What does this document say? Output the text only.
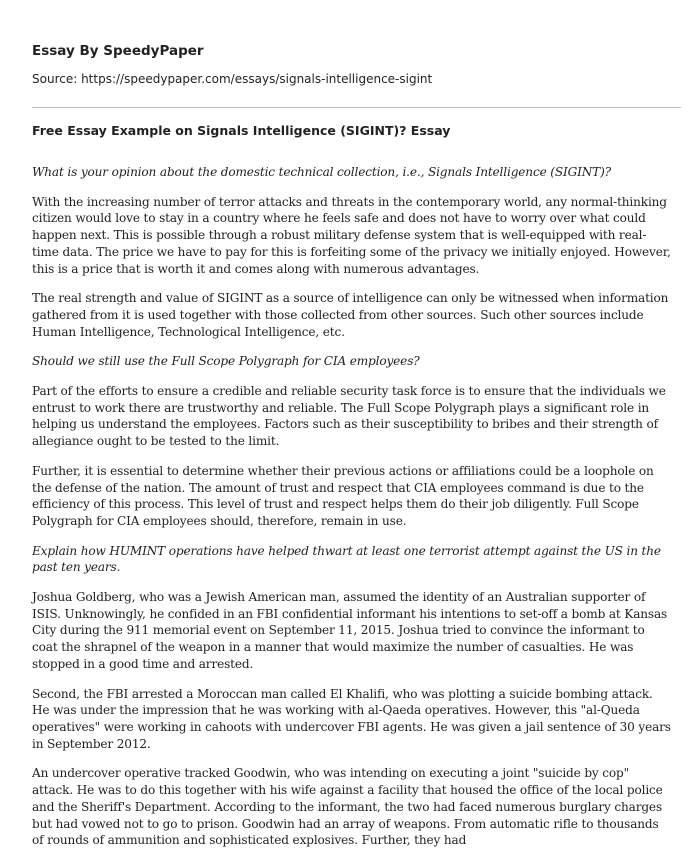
Essay By SpeedyPaper

Source: https://speedypaper.com/essays/signals-intelligence-sigint

Free Essay Example on Signals Intelligence (SIGINT)? Essay

What is your opinion about the domestic technical collection, i.e., Signals Intelligence (SIGINT)?

With the increasing number of terror attacks and threats in the contemporary world, any normal-thinking citizen would love to stay in a country where he feels safe and does not have to worry over what could happen next. This is possible through a robust military defense system that is well-equipped with real-time data. The price we have to pay for this is forfeiting some of the privacy we initially enjoyed. However, this is a price that is worth it and comes along with numerous advantages.

The real strength and value of SIGINT as a source of intelligence can only be witnessed when information gathered from it is used together with those collected from other sources. Such other sources include Human Intelligence, Technological Intelligence, etc.

Should we still use the Full Scope Polygraph for CIA employees?

Part of the efforts to ensure a credible and reliable security task force is to ensure that the individuals we entrust to work there are trustworthy and reliable. The Full Scope Polygraph plays a significant role in helping us understand the employees. Factors such as their susceptibility to bribes and their strength of allegiance ought to be tested to the limit.

Further, it is essential to determine whether their previous actions or affiliations could be a loophole on the defense of the nation. The amount of trust and respect that CIA employees command is due to the efficiency of this process. This level of trust and respect helps them do their job diligently. Full Scope Polygraph for CIA employees should, therefore, remain in use.

Explain how HUMINT operations have helped thwart at least one terrorist attempt against the US in the past ten years.

Joshua Goldberg, who was a Jewish American man, assumed the identity of an Australian supporter of ISIS. Unknowingly, he confided in an FBI confidential informant his intentions to set-off a bomb at Kansas City during the 911 memorial event on September 11, 2015. Joshua tried to convince the informant to coat the shrapnel of the weapon in a manner that would maximize the number of casualties. He was stopped in a good time and arrested.

Second, the FBI arrested a Moroccan man called El Khalifi, who was plotting a suicide bombing attack. He was under the impression that he was working with al-Qaeda operatives. However, this "al-Queda operatives" were working in cahoots with undercover FBI agents. He was given a jail sentence of 30 years in September 2012.

An undercover operative tracked Goodwin, who was intending on executing a joint "suicide by cop" attack. He was to do this together with his wife against a facility that housed the office of the local police and the Sheriff's Department. According to the informant, the two had faced numerous burglary charges but had vowed not to go to prison. Goodwin had an array of weapons. From automatic rifle to thousands of rounds of ammunition and sophisticated explosives. Further, they had
